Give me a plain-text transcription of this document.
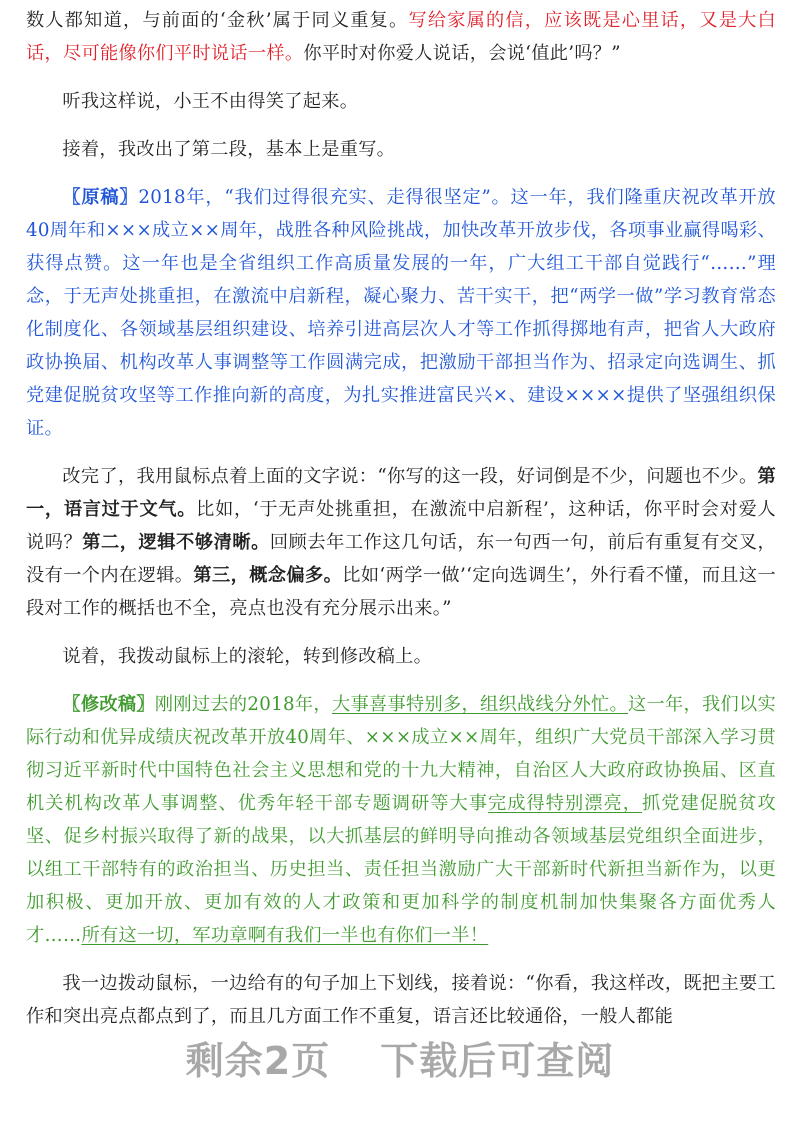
数人都知道，与前面的‘金秋’属于同义重复。写给家属的信，应该既是心里话，又是大白话，尽可能像你们平时说话一样。你平时对你爱人说话，会说‘值此’吗？”

听我这样说，小王不由得笑了起来。

接着，我改出了第二段，基本上是重写。

〖原稿〗2018年，“我们过得很充实、走得很坚定”。这一年，我们隆重庆祝改革开放40周年和×××成立××周年，战胜各种风险挑战，加快改革开放步伐，各项事业赢得喝彩、获得点赞。这一年也是全省组织工作高质量发展的一年，广大组工干部自觉践行“……”理念，于无声处挑重担，在激流中启新程，凝心聚力、苦干实干，把“两学一做”学习教育常态化制度化、各领域基层组织建设、培养引进高层次人才等工作抓得掷地有声，把省人大政府政协换届、机构改革人事调整等工作圆满完成，把激励干部担当作为、招录定向选调生、抓党建促脱贫攻坚等工作推向新的高度，为扎实推进富民兴×、建设××××提供了坚强组织保证。

改完了，我用鼠标点着上面的文字说：“你写的这一段，好词倒是不少，问题也不少。第一，语言过于文气。比如，‘于无声处挑重担，在激流中启新程’，这种话，你平时会对爱人说吗？第二，逻辑不够清晰。回顾去年工作这几句话，东一句西一句，前后有重复有交叉，没有一个内在逻辑。第三，概念偏多。比如‘两学一做’‘定向选调生’，外行看不懂，而且这一段对工作的概括也不全，亮点也没有充分展示出来。”

说着，我拨动鼠标上的滚轮，转到修改稿上。

〖修改稿〗刚刚过去的2018年，大事喜事特别多，组织战线分外忙。这一年，我们以实际行动和优异成绩庆祝改革开放40周年、×××成立××周年，组织广大党员干部深入学习贯彻习近平新时代中国特色社会主义思想和党的十九大精神，自治区人大政府政协换届、区直机关机构改革人事调整、优秀年轻干部专题调研等大事完成得特别漂亮，抓党建促脱贫攻坚、促乡村振兴取得了新的战果，以大抓基层的鲜明导向推动各领域基层党组织全面进步，以组工干部特有的政治担当、历史担当、责任担当激励广大干部新时代新担当新作为，以更加积极、更加开放、更加有效的人才政策和更加科学的制度机制加快集聚各方面优秀人才……所有这一切，军功章啊有我们一半也有你们一半！

我一边拨动鼠标，一边给有的句子加上下划线，接着说：“你看，我这样改，既把主要工作和突出亮点都点到了，而且几方面工作不重复，语言还比较通俗，一般人都能

剩余2页 下载后可查阅
